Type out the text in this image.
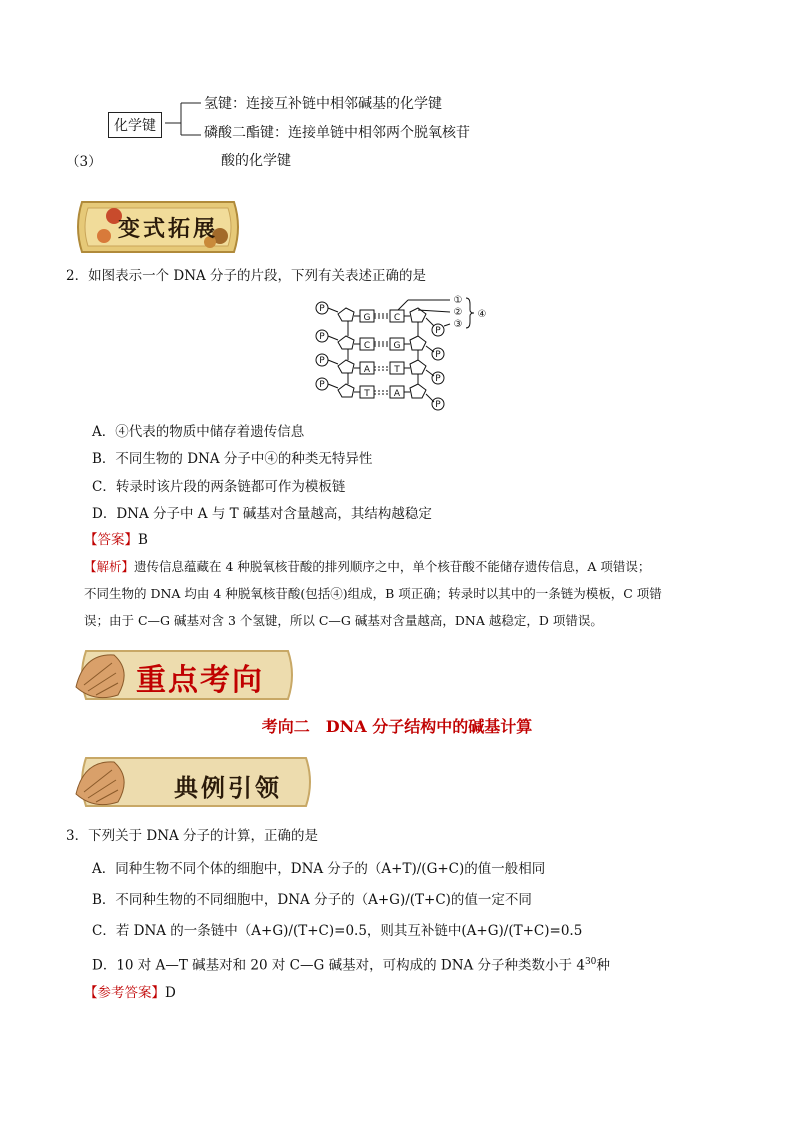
化学键
氢键：连接互补链中相邻碱基的化学键
磷酸二酯键：连接单链中相邻两个脱氧核苷
酸的化学键
（3）
变式拓展
2．如图表示一个 DNA 分子的片段，下列有关表述正确的是
P
P
P
P
P
P
P
P
G
C
A
T
C
G
T
A
①
②
③
④
A．④代表的物质中储存着遗传信息
B．不同生物的 DNA 分子中④的种类无特异性
C．转录时该片段的两条链都可作为模板链
D．DNA 分子中 A 与 T 碱基对含量越高，其结构越稳定
【答案】B
【解析】遗传信息蕴藏在 4 种脱氧核苷酸的排列顺序之中，单个核苷酸不能储存遗传信息，A 项错误；
不同生物的 DNA 均由 4 种脱氧核苷酸(包括④)组成，B 项正确；转录时以其中的一条链为模板，C 项错
误；由于 C—G 碱基对含 3 个氢键，所以 C—G 碱基对含量越高，DNA 越稳定，D 项错误。
重点考向
考向二　DNA 分子结构中的碱基计算
典例引领
3．下列关于 DNA 分子的计算，正确的是
A．同种生物不同个体的细胞中，DNA 分子的（A+T)/(G+C)的值一般相同
B．不同种生物的不同细胞中，DNA 分子的（A+G)/(T+C)的值一定不同
C．若 DNA 的一条链中（A+G)/(T+C)=0.5，则其互补链中(A+G)/(T+C)=0.5
D．10 对 A—T 碱基对和 20 对 C—G 碱基对，可构成的 DNA 分子种类数小于 $4^{30}$种
【参考答案】D
